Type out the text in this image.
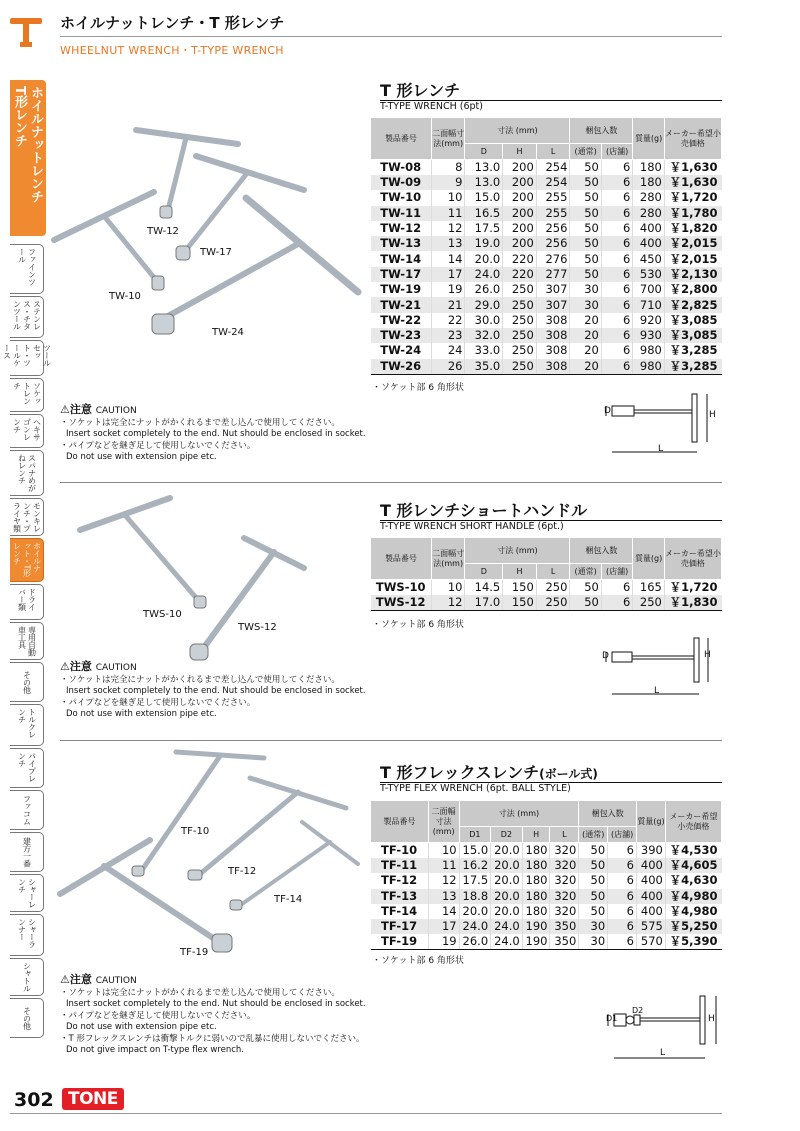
ホイルナットレンチ・T 形レンチ
WHEELNUT WRENCH・T-TYPE WRENCH
ホイルナットレンチ
T形レンチ
ファインツール
ステンレス・チタンツール
ツールセット・ツールケース
ソケットレンチ
ヘキサゴンレンチ
スパナめがねレンチ
モンキレンチ・プライヤ類
ホイルナット・T形レンチ
ドライバー類
専用自動車工具
その他
トルクレンチ
パイプレンチ
ファコム
建方一番
シャーレンチ
シャーランナー
シャトル
その他
T 形レンチ
T-TYPE WRENCH (6pt)
製品番号	二面幅寸法(mm)	寸法 (mm)			梱包入数		質量(g)	メーカー希望小売価格
		D	H	L	(通常)	(店舗)		
TW-08	8	13.0	200	254	50	6	180	￥1,630
TW-09	9	13.0	200	254	50	6	180	￥1,630
TW-10	10	15.0	200	255	50	6	280	￥1,720
TW-11	11	16.5	200	255	50	6	280	￥1,780
TW-12	12	17.5	200	256	50	6	400	￥1,820
TW-13	13	19.0	200	256	50	6	400	￥2,015
TW-14	14	20.0	220	276	50	6	450	￥2,015
TW-17	17	24.0	220	277	50	6	530	￥2,130
TW-19	19	26.0	250	307	30	6	700	￥2,800
TW-21	21	29.0	250	307	30	6	710	￥2,825
TW-22	22	30.0	250	308	20	6	920	￥3,085
TW-23	23	32.0	250	308	20	6	930	￥3,085
TW-24	24	33.0	250	308	20	6	980	￥3,285
TW-26	26	35.0	250	308	20	6	980	￥3,285
・ソケット部 6 角形状
TW-12
TW-17
TW-10
TW-24
D	H
L
⚠注意 CAUTION
・ソケットは完全にナットがかくれるまで差し込んで使用してください。
Insert socket completely to the end. Nut should be enclosed in socket.
・パイプなどを継ぎ足して使用しないでください。
Do not use with extension pipe etc.
T 形レンチショートハンドル
T-TYPE WRENCH SHORT HANDLE (6pt.)
製品番号	二面幅寸法(mm)	寸法 (mm)			梱包入数		質量(g)	メーカー希望小売価格
		D	H	L	(通常)	(店舗)		
TWS-10	10	14.5	150	250	50	6	165	￥1,720
TWS-12	12	17.0	150	250	50	6	250	￥1,830
・ソケット部 6 角形状
TWS-10
TWS-12
D	H
L
⚠注意 CAUTION
・ソケットは完全にナットがかくれるまで差し込んで使用してください。
Insert socket completely to the end. Nut should be enclosed in socket.
・パイプなどを継ぎ足して使用しないでください。
Do not use with extension pipe etc.
T 形フレックスレンチ(ボール式)
T-TYPE FLEX WRENCH (6pt. BALL STYLE)
製品番号	二面幅寸法(mm)	寸法 (mm)				梱包入数		質量(g)	メーカー希望小売価格
		D1	D2	H	L	(通常)	(店舗)		
TF-10	10	15.0	20.0	180	320	50	6	390	￥4,530
TF-11	11	16.2	20.0	180	320	50	6	400	￥4,605
TF-12	12	17.5	20.0	180	320	50	6	400	￥4,630
TF-13	13	18.8	20.0	180	320	50	6	400	￥4,980
TF-14	14	20.0	20.0	180	320	50	6	400	￥4,980
TF-17	17	24.0	24.0	190	350	30	6	575	￥5,250
TF-19	19	26.0	24.0	190	350	30	6	570	￥5,390
・ソケット部 6 角形状
TF-10
TF-12
TF-14
TF-19
D1
D2
H
L
⚠注意 CAUTION
・ソケットは完全にナットがかくれるまで差し込んで使用してください。
Insert socket completely to the end. Nut should be enclosed in socket.
・パイプなどを継ぎ足して使用しないでください。
Do not use with extension pipe etc.
・T 形フレックスレンチは衝撃トルクに弱いので乱暴に使用しないでください。
Do not give impact on T-type flex wrench.
302 TONE
